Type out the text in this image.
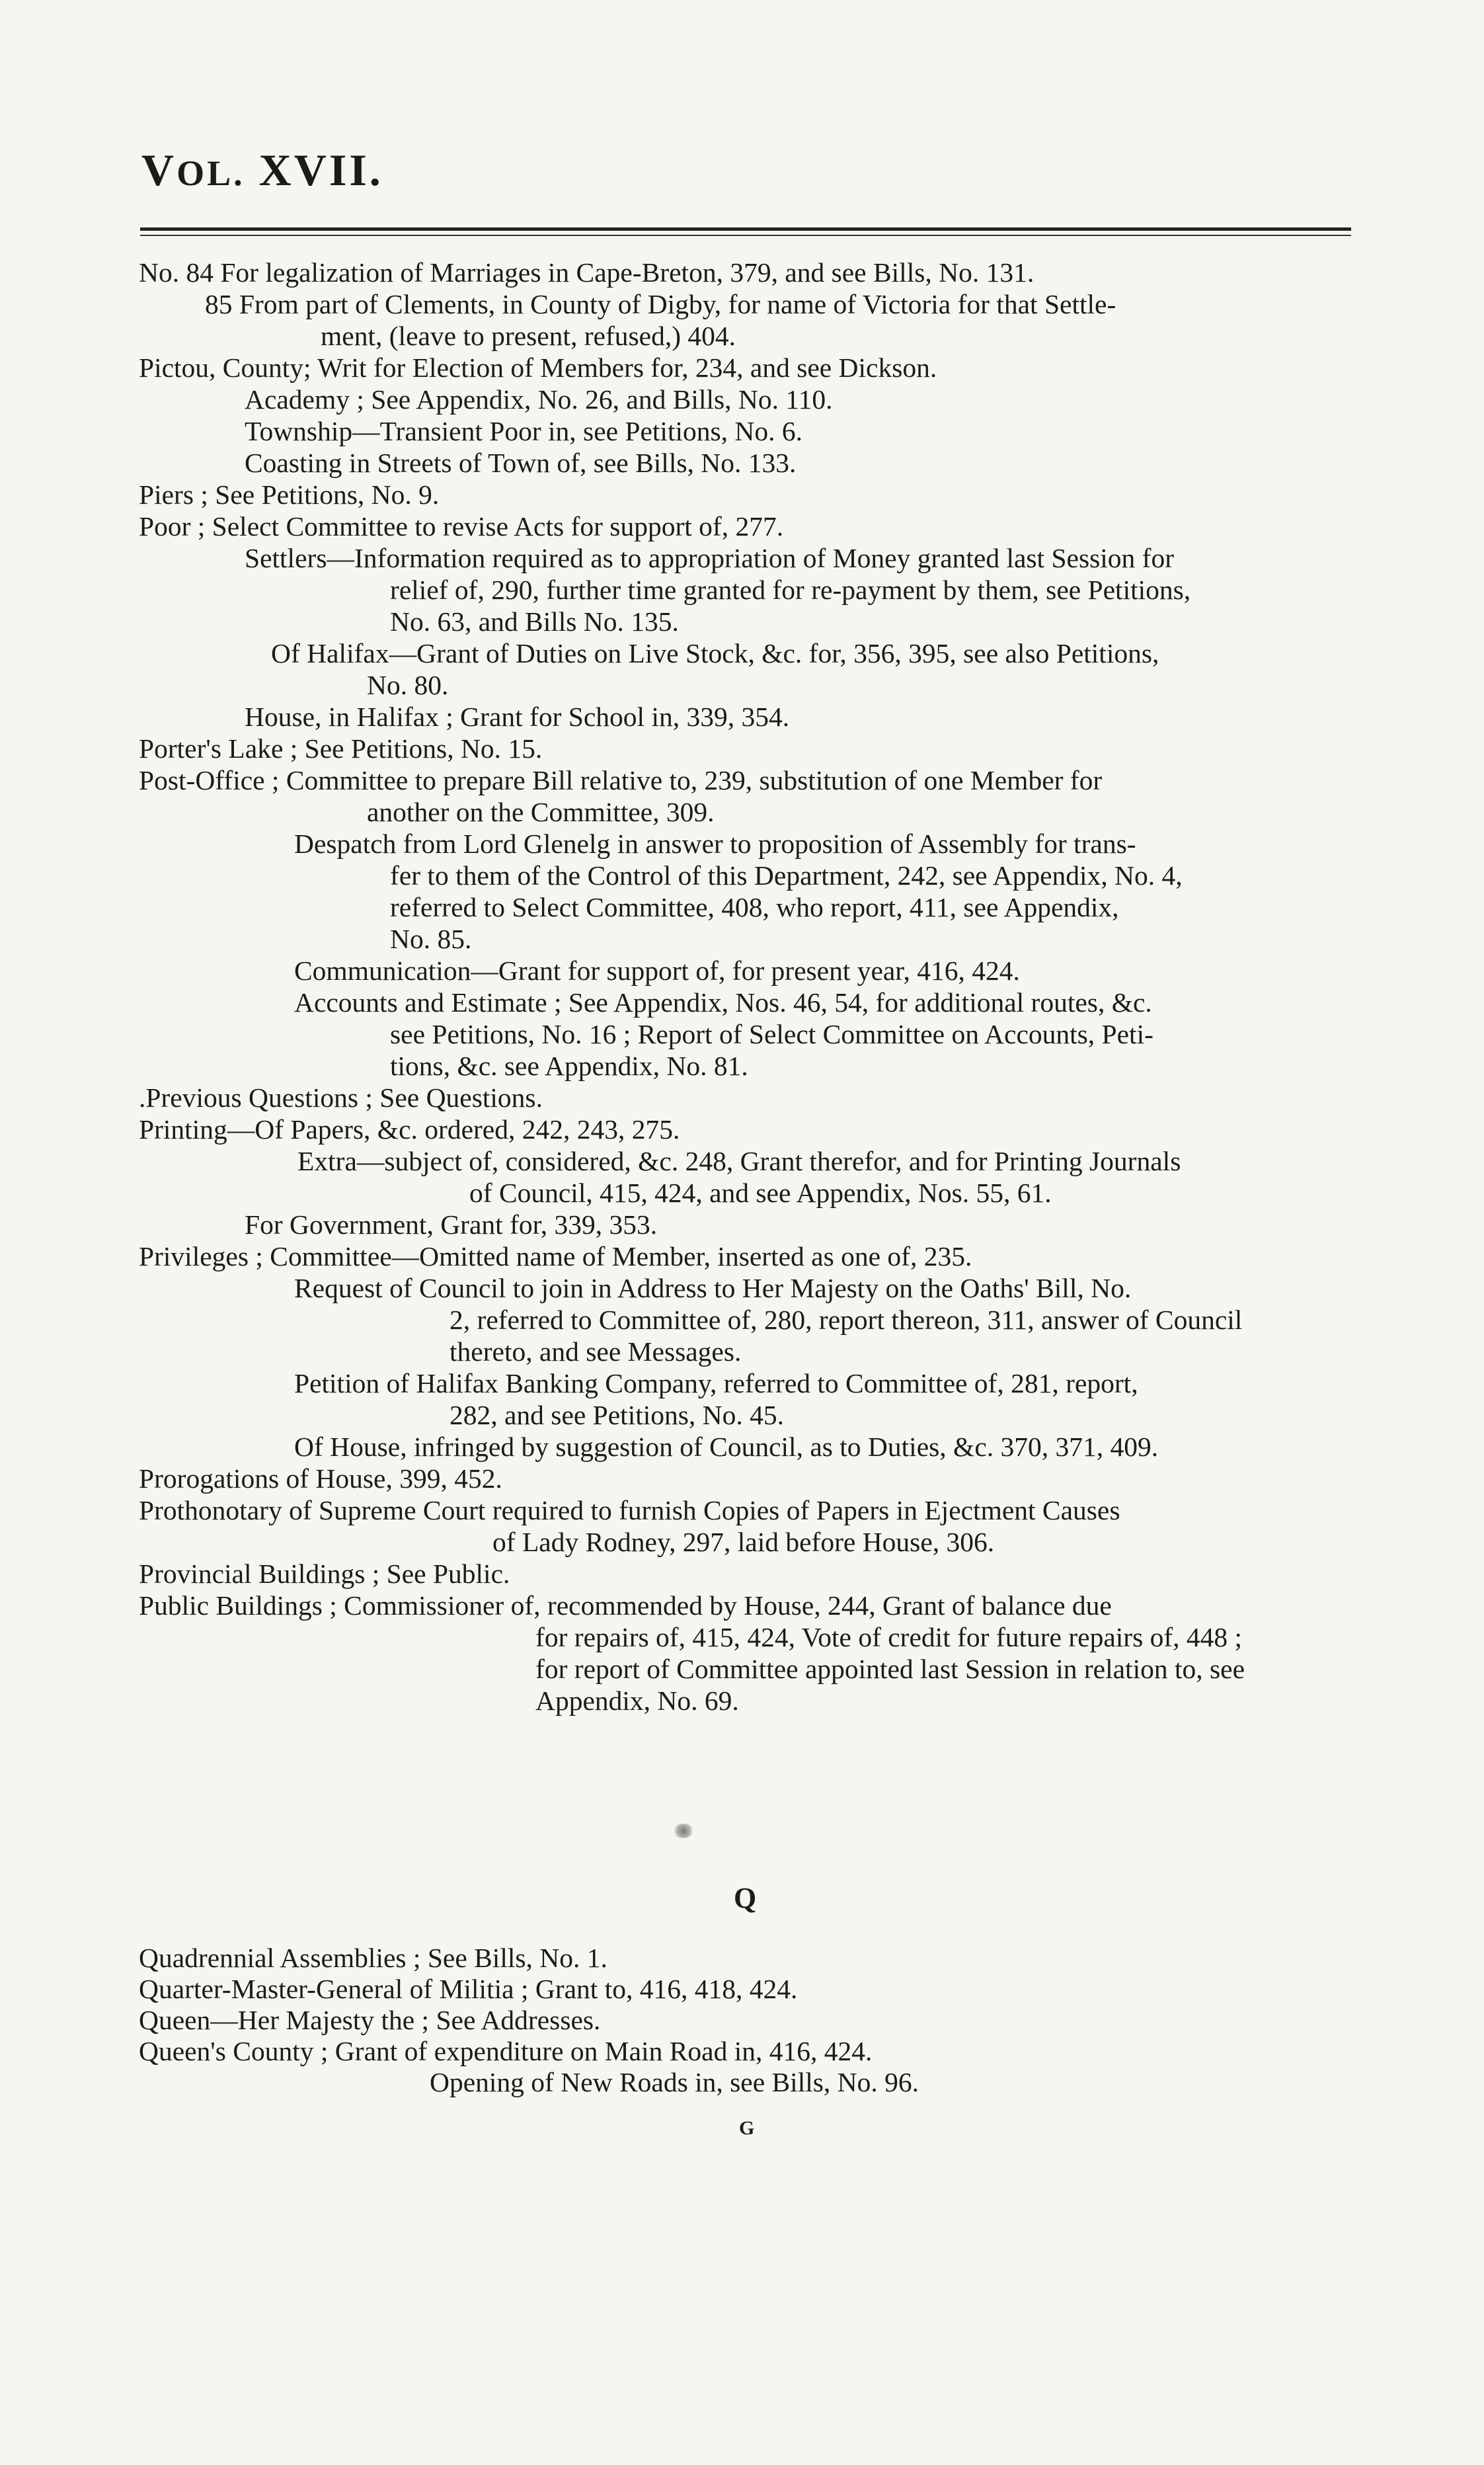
VOL. XVII.
No. 84 For legalization of Marriages in Cape-Breton, 379, and see Bills, No. 131.
85 From part of Clements, in County of Digby, for name of Victoria for that Settle-
ment, (leave to present, refused,) 404.
Pictou, County; Writ for Election of Members for, 234, and see Dickson.
Academy ; See Appendix, No. 26, and Bills, No. 110.
Township—Transient Poor in, see Petitions, No. 6.
Coasting in Streets of Town of, see Bills, No. 133.
Piers ; See Petitions, No. 9.
Poor ; Select Committee to revise Acts for support of, 277.
Settlers—Information required as to appropriation of Money granted last Session for
relief of, 290, further time granted for re-payment by them, see Petitions,
No. 63, and Bills No. 135.
Of Halifax—Grant of Duties on Live Stock, &c. for, 356, 395, see also Petitions,
No. 80.
House, in Halifax ; Grant for School in, 339, 354.
Porter's Lake ; See Petitions, No. 15.
Post-Office ; Committee to prepare Bill relative to, 239, substitution of one Member for
another on the Committee, 309.
Despatch from Lord Glenelg in answer to proposition of Assembly for trans-
fer to them of the Control of this Department, 242, see Appendix, No. 4,
referred to Select Committee, 408, who report, 411, see Appendix,
No. 85.
Communication—Grant for support of, for present year, 416, 424.
Accounts and Estimate ; See Appendix, Nos. 46, 54, for additional routes, &c.
see Petitions, No. 16 ; Report of Select Committee on Accounts, Peti-
tions, &c. see Appendix, No. 81.
.Previous Questions ; See Questions.
Printing—Of Papers, &c. ordered, 242, 243, 275.
Extra—subject of, considered, &c. 248, Grant therefor, and for Printing Journals
of Council, 415, 424, and see Appendix, Nos. 55, 61.
For Government, Grant for, 339, 353.
Privileges ; Committee—Omitted name of Member, inserted as one of, 235.
Request of Council to join in Address to Her Majesty on the Oaths' Bill, No.
2, referred to Committee of, 280, report thereon, 311, answer of Council
thereto, and see Messages.
Petition of Halifax Banking Company, referred to Committee of, 281, report,
282, and see Petitions, No. 45.
Of House, infringed by suggestion of Council, as to Duties, &c. 370, 371, 409.
Prorogations of House, 399, 452.
Prothonotary of Supreme Court required to furnish Copies of Papers in Ejectment Causes
of Lady Rodney, 297, laid before House, 306.
Provincial Buildings ; See Public.
Public Buildings ; Commissioner of, recommended by House, 244, Grant of balance due
for repairs of, 415, 424, Vote of credit for future repairs of, 448 ;
for report of Committee appointed last Session in relation to, see
Appendix, No. 69.
Q
Quadrennial Assemblies ; See Bills, No. 1.
Quarter-Master-General of Militia ; Grant to, 416, 418, 424.
Queen—Her Majesty the ; See Addresses.
Queen's County ; Grant of expenditure on Main Road in, 416, 424.
Opening of New Roads in, see Bills, No. 96.
G
